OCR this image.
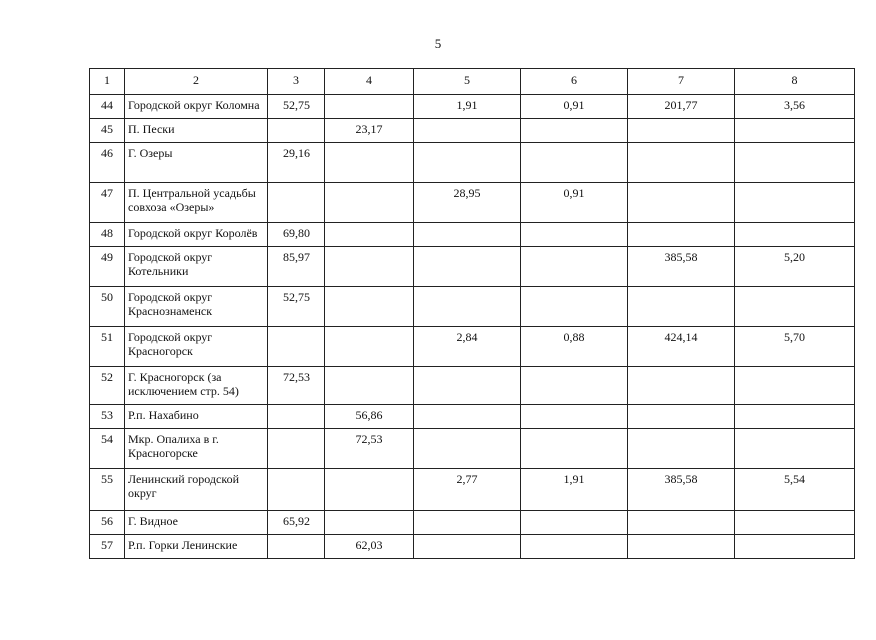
5
1	2	3	4	5	6	7	8
44	Городской округ Коломна	52,75		1,91	0,91	201,77	3,56
45	П. Пески		23,17				
46	Г. Озеры	29,16					
47	П. Центральной усадьбы совхоза «Озеры»			28,95	0,91		
48	Городской округ Королёв	69,80					
49	Городской округ Котельники	85,97				385,58	5,20
50	Городской округ Краснознаменск	52,75					
51	Городской округ Красногорск			2,84	0,88	424,14	5,70
52	Г. Красногорск (за исключением стр. 54)	72,53					
53	Р.п. Нахабино		56,86				
54	Мкр. Опалиха в г. Красногорске		72,53				
55	Ленинский городской округ			2,77	1,91	385,58	5,54
56	Г. Видное	65,92					
57	Р.п. Горки Ленинские		62,03				
